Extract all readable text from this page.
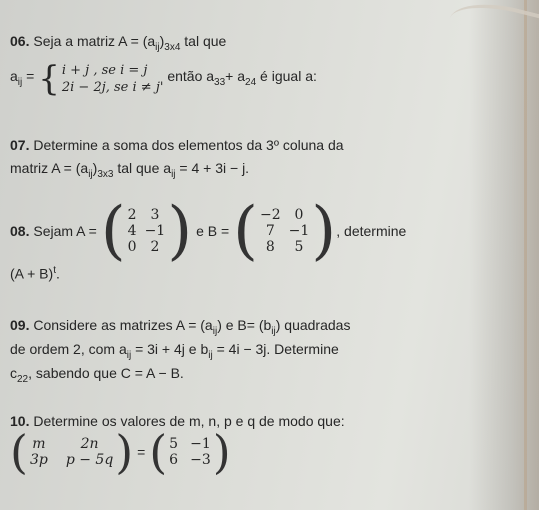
06. Seja a matriz $A = (a_{ij})_{3x4}$ tal que
$a_{ij}$ = { i + j , se i = j
2i − 2j, se i ≠ j'
então $a_{33}+ a_{24}$ é igual a:
07. Determine a soma dos elementos da 3º coluna da
matriz $A = (a_{ij})_{3x3}$ tal que $a_{ij} = 4 + 3i - j$.
08. Sejam A = ( 2 3
4 −1
0 2 ) e B = ( −2 0
7 −1
8	5 ) , determine
$(A + B)^t$.
09. Considere as matrizes $A = (a_{ij})$ e $B= (b_{ij})$ quadradas
de ordem 2, com $a_{ij} = 3i + 4j$ e $b_{ij} = 4i - 3j$. Determine
$c_{22}$, sabendo que C = A − B.
10. Determine os valores de m, n, p e q de modo que:
( m	2n
3p p − 5q ) = ( 5 −1
6 −3 )
